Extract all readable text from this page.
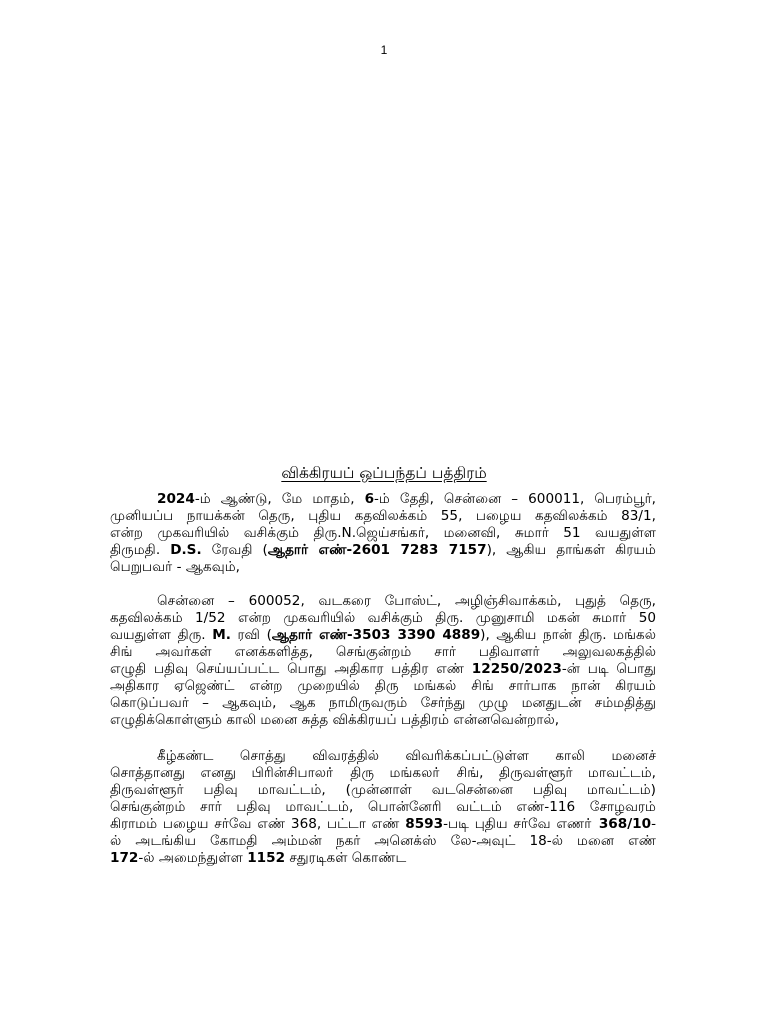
1
விக்கிரயப் ஒப்பந்தப் பத்திரம்
2024-ம் ஆண்டு, மே மாதம், 6-ம் தேதி, சென்னை – 600011, பெரம்பூர்,
முனியப்ப நாயக்கன் தெரு, புதிய கதவிலக்கம் 55, பழைய கதவிலக்கம் 83/1,
என்ற முகவரியில் வசிக்கும் திரு.N.ஜெய்சங்கர், மனைவி, சுமார் 51 வயதுள்ள
திருமதி. D.S. ரேவதி (ஆதார் எண்-2601 7283 7157), ஆகிய தாங்கள் கிரயம்
பெறுபவர் - ஆகவும்,
சென்னை – 600052, வடகரை போஸ்ட், அழிஞ்சிவாக்கம், புதுத் தெரு,
கதவிலக்கம் 1/52 என்ற முகவரியில் வசிக்கும் திரு. முனுசாமி மகன் சுமார் 50
வயதுள்ள திரு. M. ரவி (ஆதார் எண்-3503 3390 4889), ஆகிய நான் திரு. மங்கல்
சிங் அவர்கள் எனக்களித்த, செங்குன்றம் சார் பதிவாளர் அலுவலகத்தில்
எழுதி பதிவு செய்யப்பட்ட பொது அதிகார பத்திர எண் 12250/2023-ன் படி பொது
அதிகார ஏஜெண்ட் என்ற முறையில் திரு மங்கல் சிங் சார்பாக நான் கிரயம்
கொடுப்பவர் – ஆகவும், ஆக நாமிருவரும் சேர்ந்து முழு மனதுடன் சம்மதித்து
எழுதிக்கொள்ளும் காலி மனை சுத்த விக்கிரயப் பத்திரம் என்னவென்றால்,
கீழ்கண்ட சொத்து விவரத்தில் விவரிக்கப்பட்டுள்ள காலி மனைச்
சொத்தானது எனது பிரின்சிபாலா் திரு மங்கலா் சிங், திருவள்ளூர் மாவட்டம்,
திருவள்ளூர் பதிவு மாவட்டம், (முன்னாள் வடசென்னை பதிவு மாவட்டம்)
செங்குன்றம் சார் பதிவு மாவட்டம், பொன்னேரி வட்டம் எண்-116 சோழவரம்
கிராமம் பழைய சர்வே எண் 368, பட்டா எண் 8593-படி புதிய சர்வே எணா் 368/10-
ல் அடங்கிய கோமதி அம்மன் நகர் அனெக்ஸ் லே-அவுட் 18-ல் மனை எண்
172-ல் அமைந்துள்ள 1152 சதுரடிகள் கொண்ட
